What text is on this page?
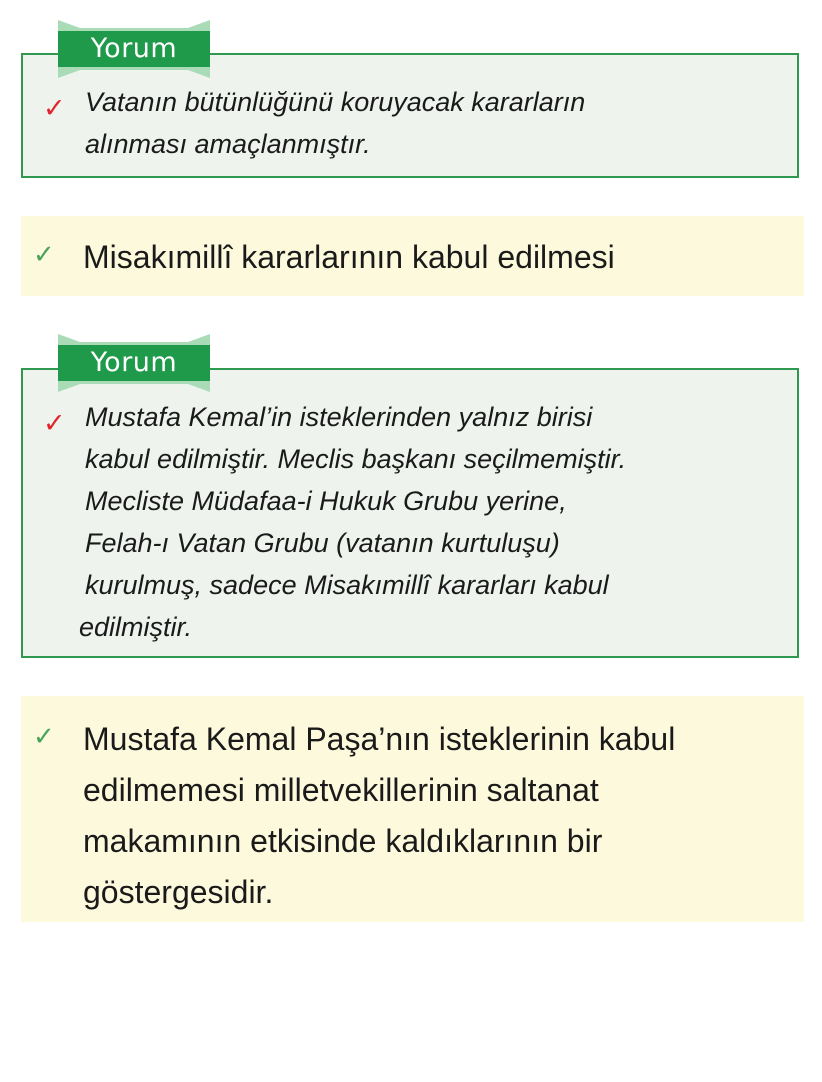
✓ Vatanın bütünlüğünü koruyacak kararların
alınması amaçlanmıştır.
Yorum
✓ Misakımillî kararlarının kabul edilmesi
✓ Mustafa Kemal’in isteklerinden yalnız birisi
kabul edilmiştir. Meclis başkanı seçilmemiştir.
Mecliste Müdafaa-i Hukuk Grubu yerine,
Felah-ı Vatan Grubu (vatanın kurtuluşu)
kurulmuş, sadece Misakımillî kararları kabul
edilmiştir.
Yorum
✓ Mustafa Kemal Paşa’nın isteklerinin kabul
edilmemesi milletvekillerinin saltanat
makamının etkisinde kaldıklarının bir
göstergesidir.
